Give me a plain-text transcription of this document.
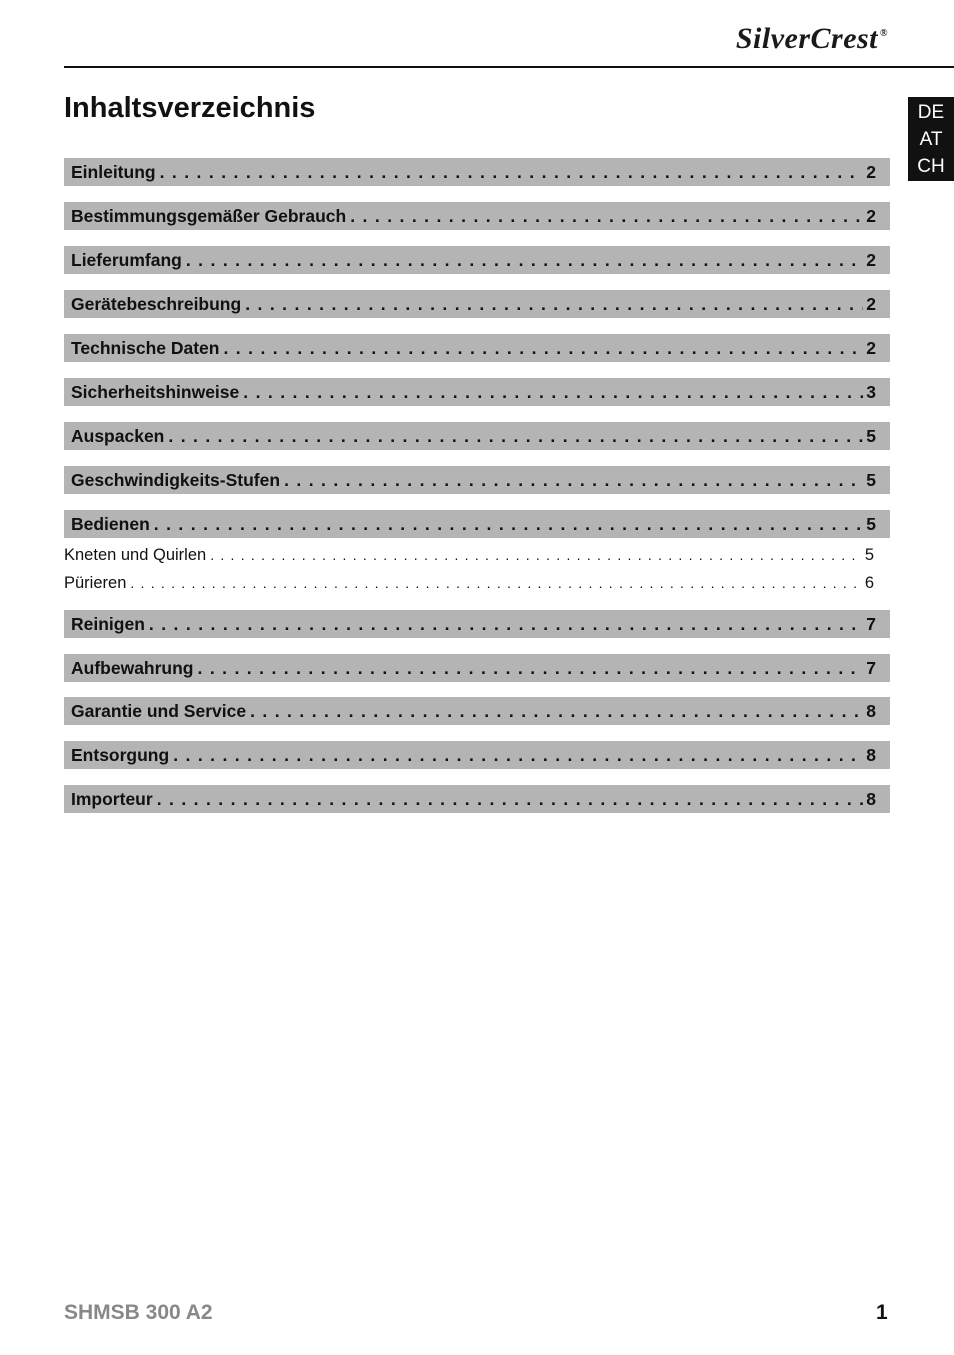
SilverCrest ®
Inhaltsverzeichnis	DE
AT
CH
Einleitung . . .	2
Bestimmungsgemäßer Gebrauch . . .	2
Lieferumfang . . .	2
Gerätebeschreibung . . .	2
Technische Daten . . .	2
Sicherheitshinweise . . .	3
Auspacken . . .	5
Geschwindigkeits-Stufen . . .	5
Bedienen . . .	5
Kneten und Quirlen . . .	5
Pürieren . . .	6
Reinigen . . .	7
Aufbewahrung . . .	7
Garantie und Service . . .	8
Entsorgung . . .	8
Importeur . . .	8
SHMSB 300 A2	1
